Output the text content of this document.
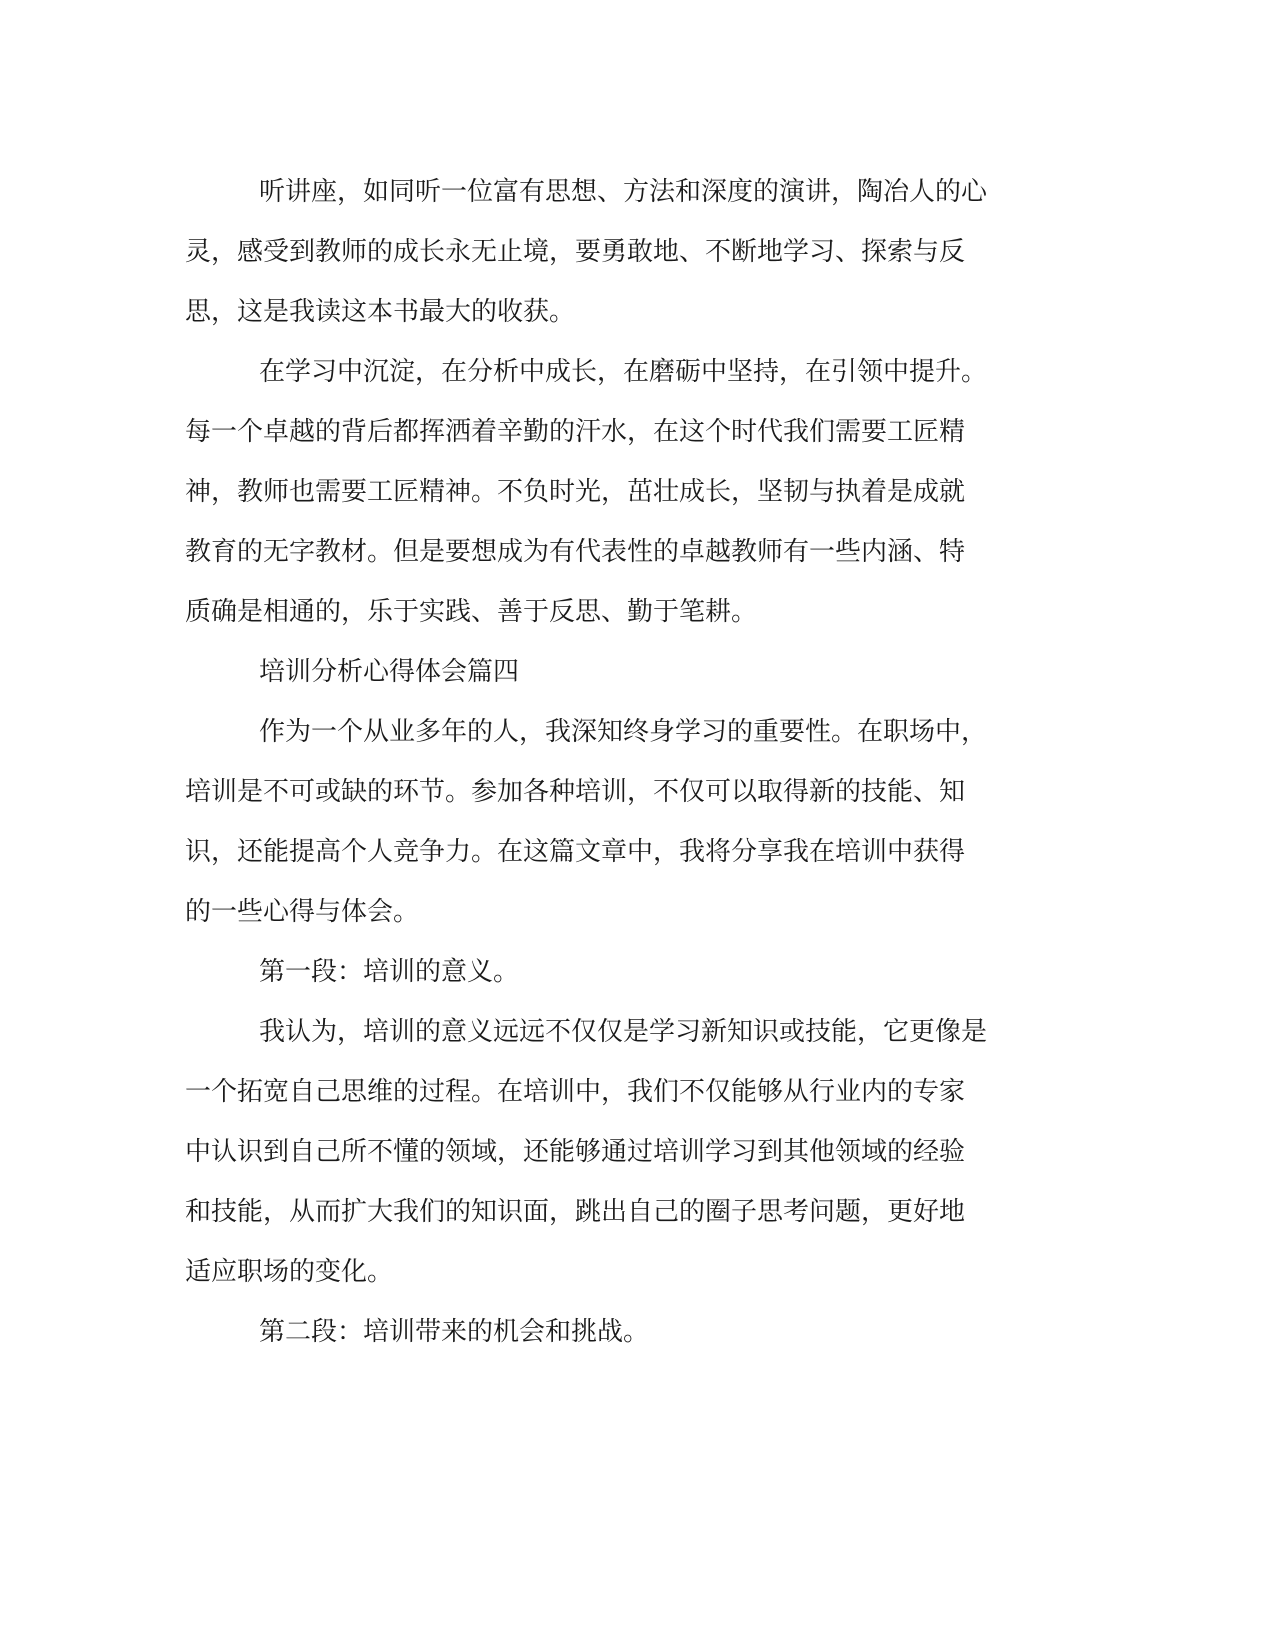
听讲座，如同听一位富有思想、方法和深度的演讲，陶冶人的心
灵，感受到教师的成长永无止境，要勇敢地、不断地学习、探索与反
思，这是我读这本书最大的收获。
在学习中沉淀，在分析中成长，在磨砺中坚持，在引领中提升。
每一个卓越的背后都挥洒着辛勤的汗水，在这个时代我们需要工匠精
神，教师也需要工匠精神。不负时光，茁壮成长，坚韧与执着是成就
教育的无字教材。但是要想成为有代表性的卓越教师有一些内涵、特
质确是相通的，乐于实践、善于反思、勤于笔耕。
培训分析心得体会篇四
作为一个从业多年的人，我深知终身学习的重要性。在职场中，
培训是不可或缺的环节。参加各种培训，不仅可以取得新的技能、知
识，还能提高个人竞争力。在这篇文章中，我将分享我在培训中获得
的一些心得与体会。
第一段：培训的意义。
我认为，培训的意义远远不仅仅是学习新知识或技能，它更像是
一个拓宽自己思维的过程。在培训中，我们不仅能够从行业内的专家
中认识到自己所不懂的领域，还能够通过培训学习到其他领域的经验
和技能，从而扩大我们的知识面，跳出自己的圈子思考问题，更好地
适应职场的变化。
第二段：培训带来的机会和挑战。
